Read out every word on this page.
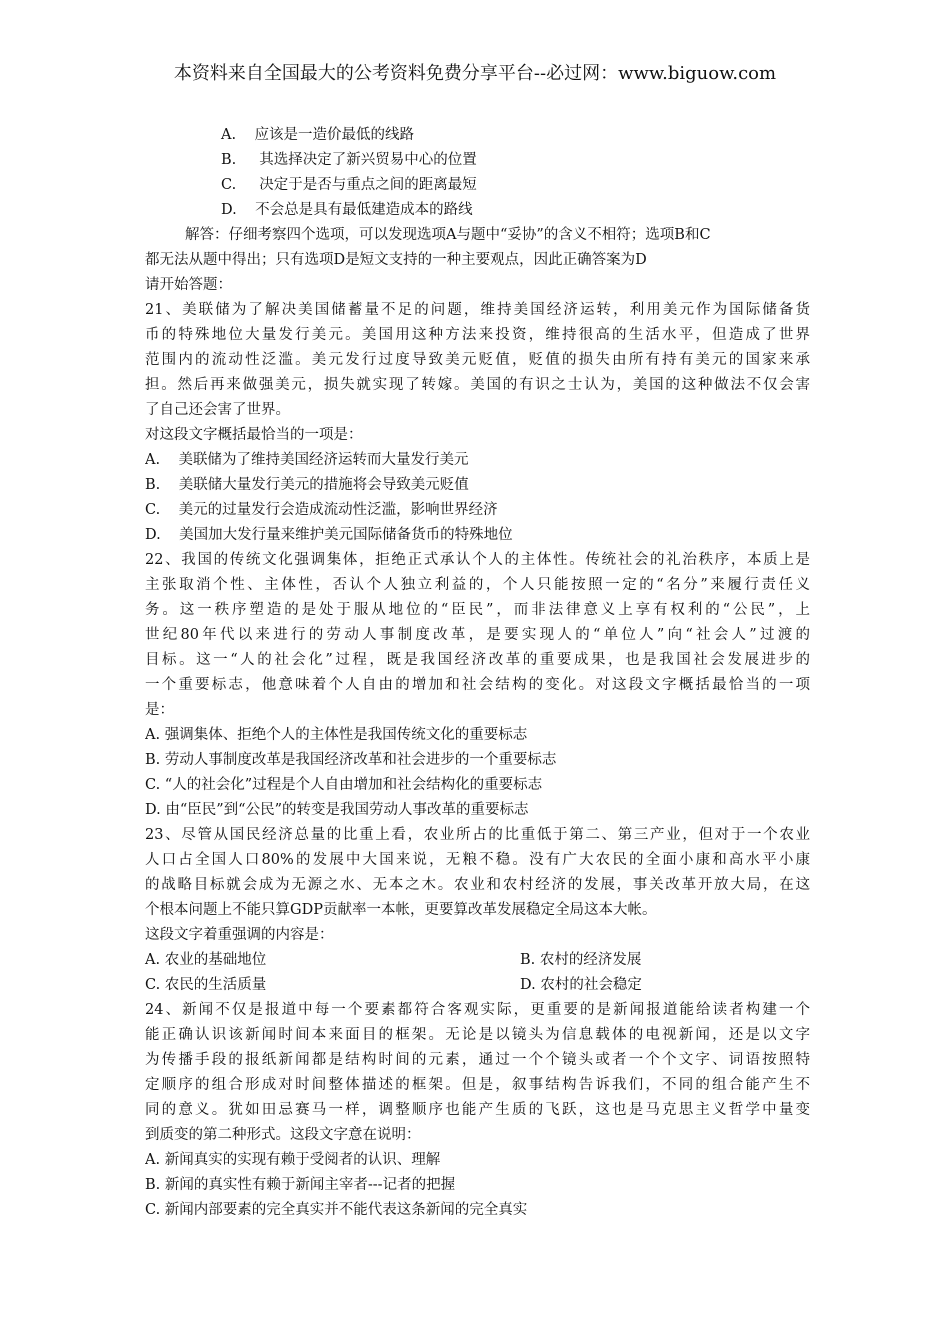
本资料来自全国最大的公考资料免费分享平台--必过网：www.biguow.com
A.    应该是一造价最低的线路
B.     其选择决定了新兴贸易中心的位置
C.     决定于是否与重点之间的距离最短
D.    不会总是具有最低建造成本的路线
解答：仔细考察四个选项，可以发现选项A与题中“妥协”的含义不相符；选项B和C
都无法从题中得出；只有选项D是短文支持的一种主要观点，因此正确答案为D
请开始答题：
21、美联储为了解决美国储蓄量不足的问题，维持美国经济运转，利用美元作为国际储备货
币的特殊地位大量发行美元。美国用这种方法来投资，维持很高的生活水平，但造成了世界
范围内的流动性泛滥。美元发行过度导致美元贬值，贬值的损失由所有持有美元的国家来承
担。然后再来做强美元，损失就实现了转嫁。美国的有识之士认为，美国的这种做法不仅会害
了自己还会害了世界。
对这段文字概括最恰当的一项是：
A.    美联储为了维持美国经济运转而大量发行美元
B.    美联储大量发行美元的措施将会导致美元贬值
C.    美元的过量发行会造成流动性泛滥，影响世界经济
D.    美国加大发行量来维护美元国际储备货币的特殊地位
22、我国的传统文化强调集体，拒绝正式承认个人的主体性。传统社会的礼治秩序，本质上是
主张取消个性、主体性，否认个人独立利益的，个人只能按照一定的“名分”来履行责任义
务。这一秩序塑造的是处于服从地位的“臣民”，而非法律意义上享有权利的“公民”，上
世纪80年代以来进行的劳动人事制度改革，是要实现人的“单位人”向“社会人”过渡的
目标。这一“人的社会化”过程，既是我国经济改革的重要成果，也是我国社会发展进步的
一个重要标志，他意味着个人自由的增加和社会结构的变化。对这段文字概括最恰当的一项
是：
A. 强调集体、拒绝个人的主体性是我国传统文化的重要标志
B. 劳动人事制度改革是我国经济改革和社会进步的一个重要标志
C. “人的社会化”过程是个人自由增加和社会结构化的重要标志
D. 由“臣民”到“公民”的转变是我国劳动人事改革的重要标志
23、尽管从国民经济总量的比重上看，农业所占的比重低于第二、第三产业，但对于一个农业
人口占全国人口80%的发展中大国来说，无粮不稳。没有广大农民的全面小康和高水平小康
的战略目标就会成为无源之水、无本之木。农业和农村经济的发展，事关改革开放大局，在这
个根本问题上不能只算GDP贡献率一本帐，更要算改革发展稳定全局这本大帐。
这段文字着重强调的内容是：
A. 农业的基础地位	B. 农村的经济发展
C. 农民的生活质量	D. 农村的社会稳定
24、新闻不仅是报道中每一个要素都符合客观实际，更重要的是新闻报道能给读者构建一个
能正确认识该新闻时间本来面目的框架。无论是以镜头为信息载体的电视新闻，还是以文字
为传播手段的报纸新闻都是结构时间的元素，通过一个个镜头或者一个个文字、词语按照特
定顺序的组合形成对时间整体描述的框架。但是，叙事结构告诉我们，不同的组合能产生不
同的意义。犹如田忌赛马一样，调整顺序也能产生质的飞跃，这也是马克思主义哲学中量变
到质变的第二种形式。这段文字意在说明：
A. 新闻真实的实现有赖于受阅者的认识、理解
B. 新闻的真实性有赖于新闻主宰者---记者的把握
C. 新闻内部要素的完全真实并不能代表这条新闻的完全真实
